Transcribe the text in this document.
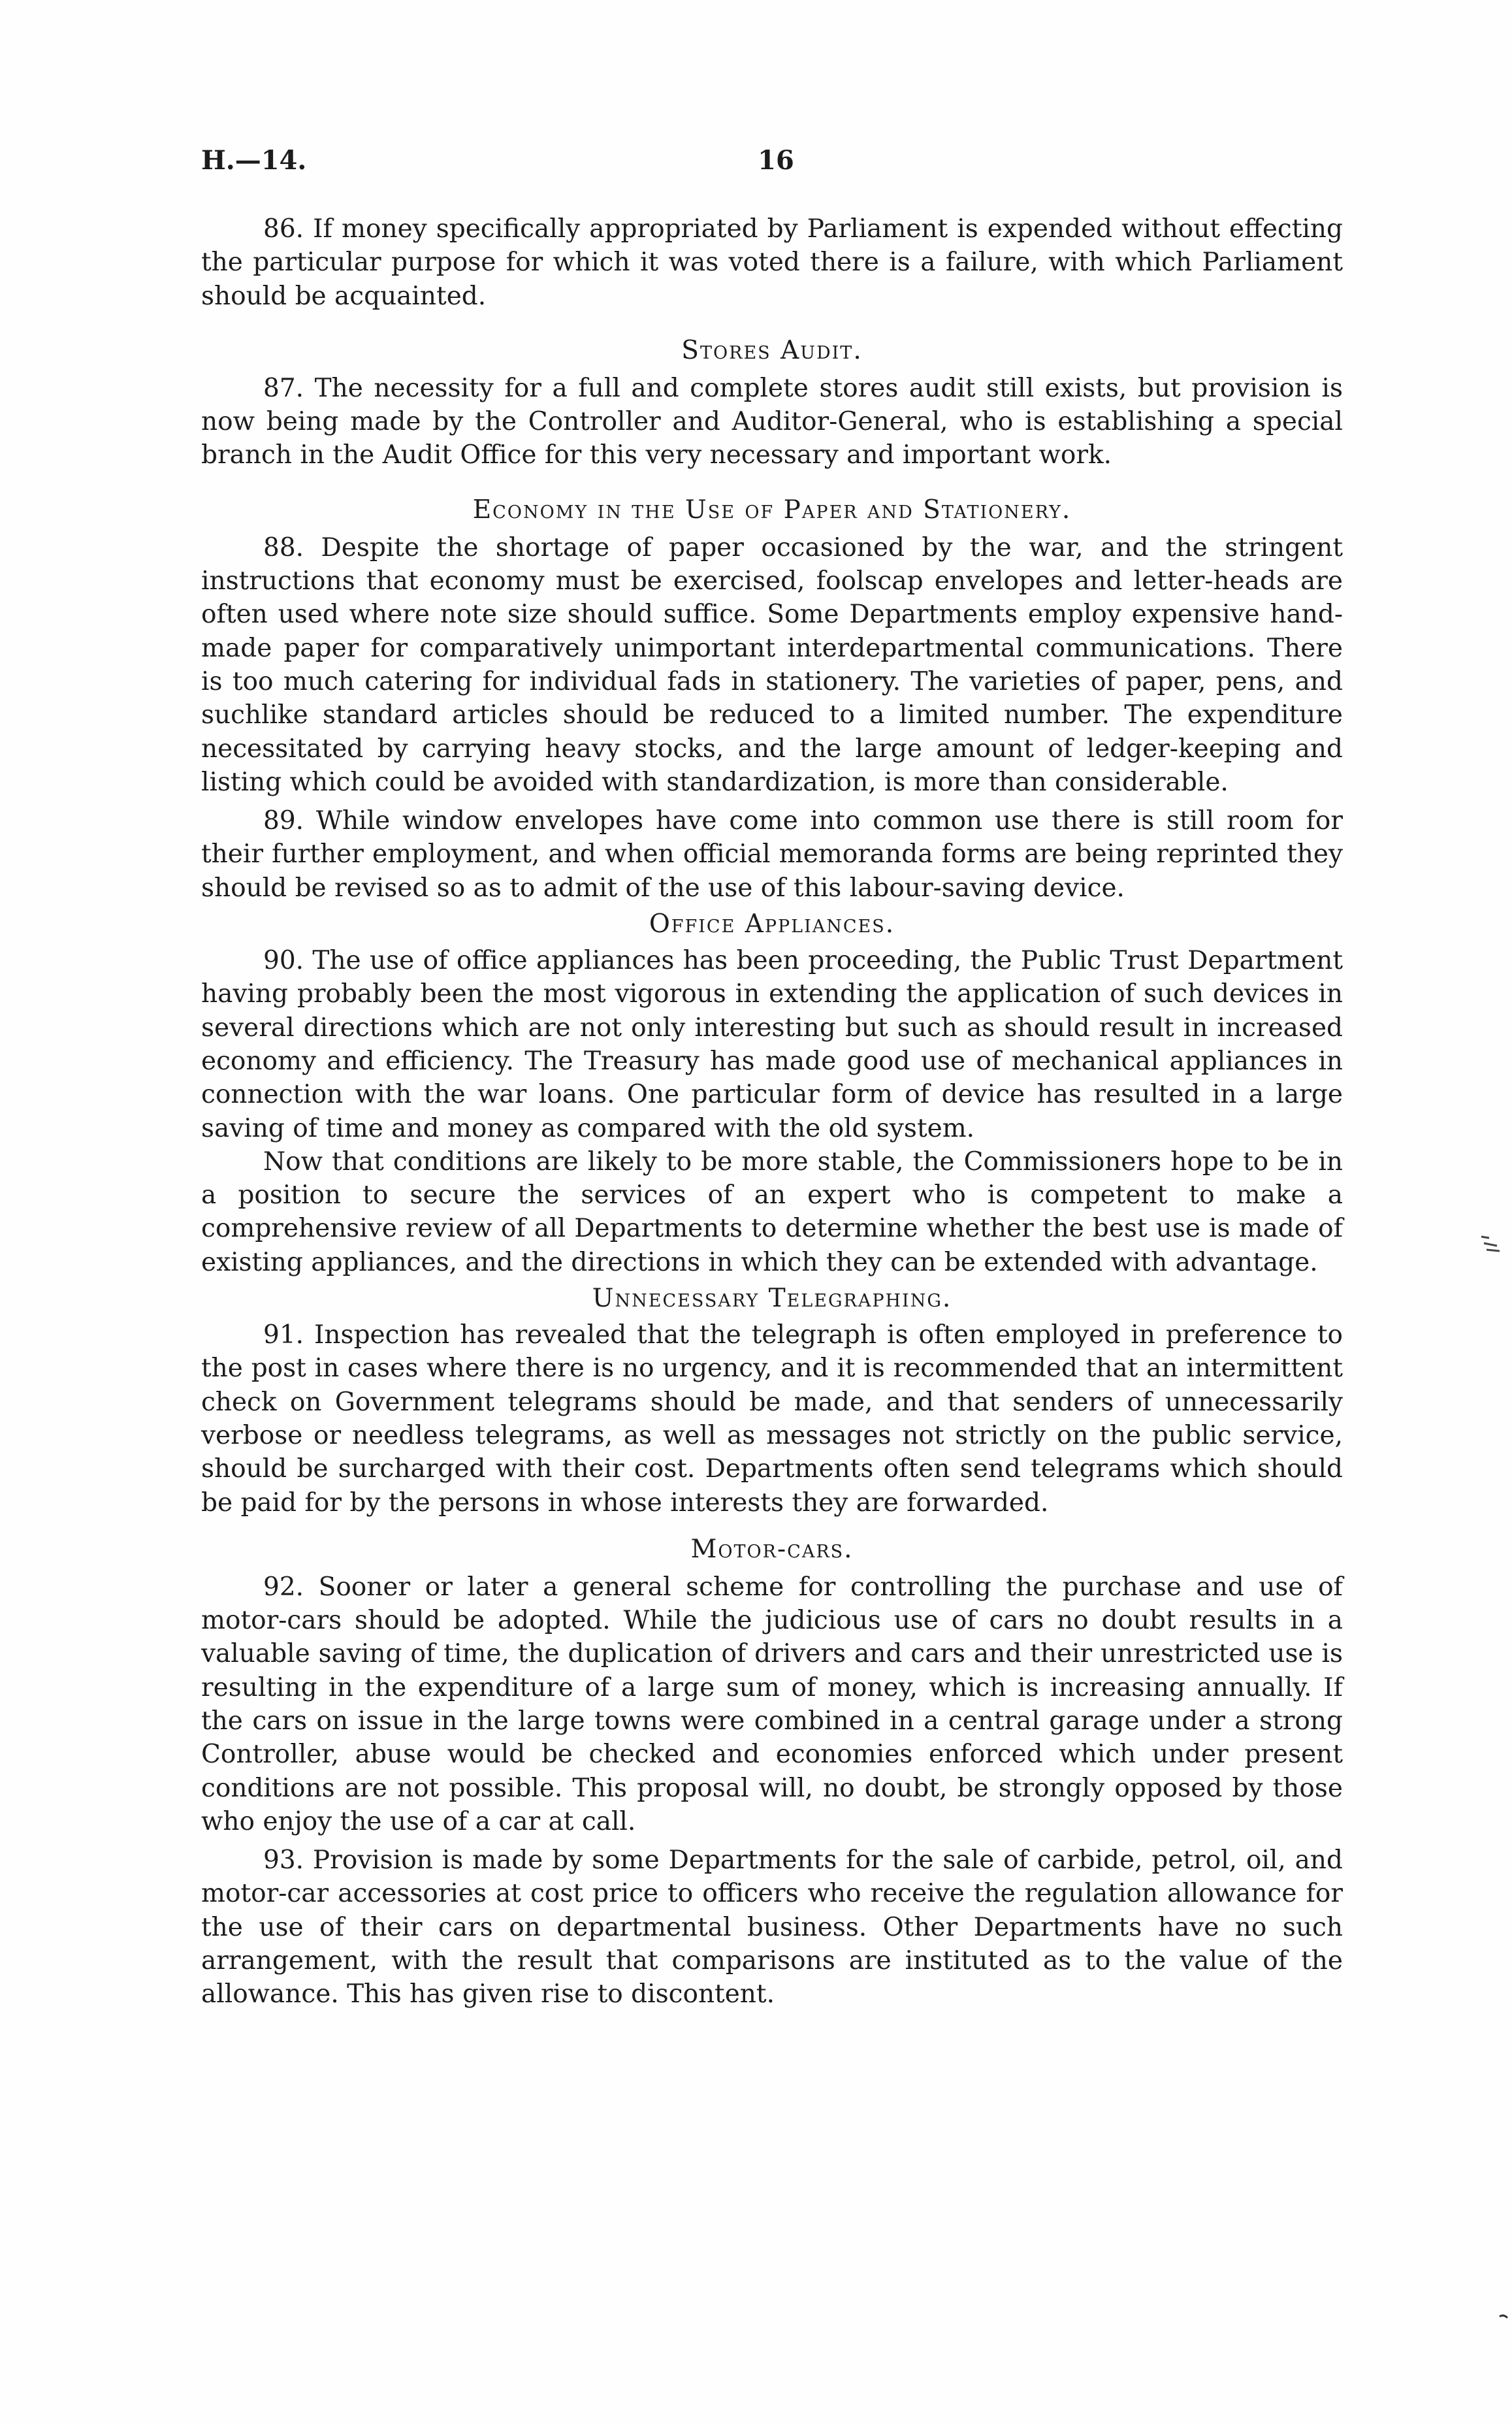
H.—14.	16

86. If money specifically appropriated by Parliament is expended without effecting the particular purpose for which it was voted there is a failure, with which Parliament should be acquainted.

Stores Audit.

87. The necessity for a full and complete stores audit still exists, but provision is now being made by the Controller and Auditor-General, who is establishing a special branch in the Audit Office for this very necessary and important work.

Economy in the Use of Paper and Stationery.

88. Despite the shortage of paper occasioned by the war, and the stringent instructions that economy must be exercised, foolscap envelopes and letter-heads are often used where note size should suffice. Some Departments employ expensive hand-made paper for comparatively unimportant interdepartmental communications. There is too much catering for individual fads in stationery. The varieties of paper, pens, and suchlike standard articles should be reduced to a limited number. The expenditure necessitated by carrying heavy stocks, and the large amount of ledger-keeping and listing which could be avoided with standardization, is more than considerable.

89. While window envelopes have come into common use there is still room for their further employment, and when official memoranda forms are being reprinted they should be revised so as to admit of the use of this labour-saving device.

Office Appliances.

90. The use of office appliances has been proceeding, the Public Trust Department having probably been the most vigorous in extending the application of such devices in several directions which are not only interesting but such as should result in increased economy and efficiency. The Treasury has made good use of mechanical appliances in connection with the war loans. One particular form of device has resulted in a large saving of time and money as compared with the old system.

Now that conditions are likely to be more stable, the Commissioners hope to be in a position to secure the services of an expert who is competent to make a comprehensive review of all Departments to determine whether the best use is made of existing appliances, and the directions in which they can be extended with advantage.

Unnecessary Telegraphing.

91. Inspection has revealed that the telegraph is often employed in preference to the post in cases where there is no urgency, and it is recommended that an intermittent check on Government telegrams should be made, and that senders of unnecessarily verbose or needless telegrams, as well as messages not strictly on the public service, should be surcharged with their cost. Departments often send telegrams which should be paid for by the persons in whose interests they are forwarded.

Motor-cars.

92. Sooner or later a general scheme for controlling the purchase and use of motor-cars should be adopted. While the judicious use of cars no doubt results in a valuable saving of time, the duplication of drivers and cars and their unrestricted use is resulting in the expenditure of a large sum of money, which is increasing annually. If the cars on issue in the large towns were combined in a central garage under a strong Controller, abuse would be checked and economies enforced which under present conditions are not possible. This proposal will, no doubt, be strongly opposed by those who enjoy the use of a car at call.

93. Provision is made by some Departments for the sale of carbide, petrol, oil, and motor-car accessories at cost price to officers who receive the regulation allowance for the use of their cars on departmental business. Other Departments have no such arrangement, with the result that comparisons are instituted as to the value of the allowance. This has given rise to discontent.
